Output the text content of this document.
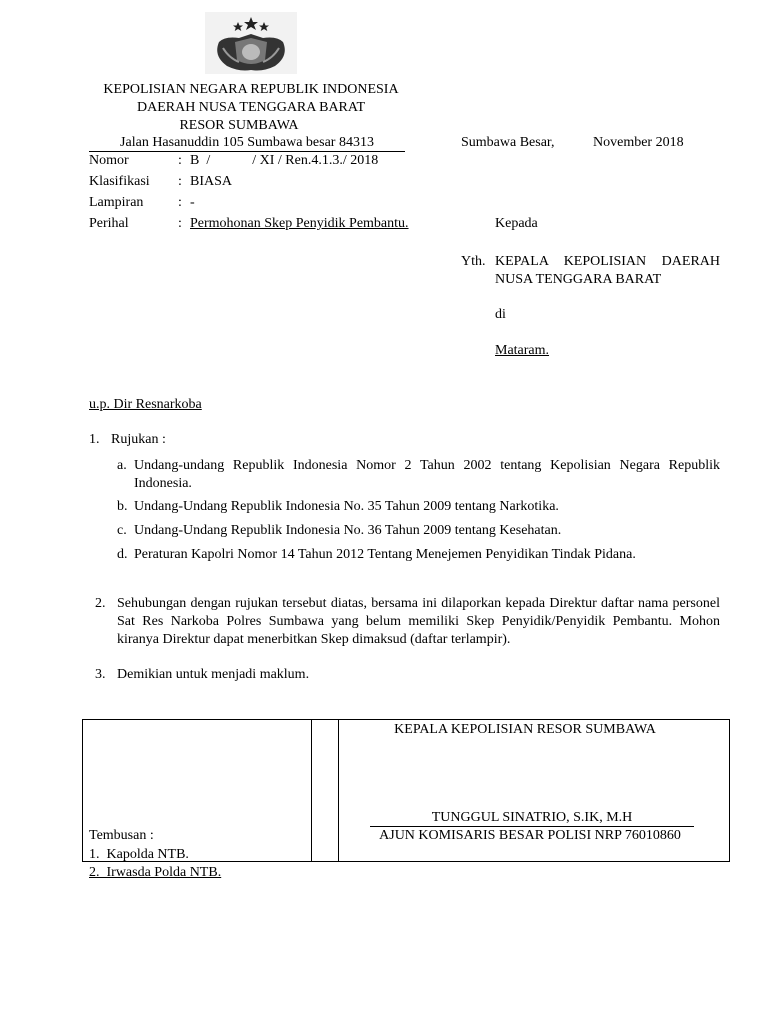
KEPOLISIAN NEGARA REPUBLIK INDONESIA
DAERAH NUSA TENGGARA BARAT
RESOR SUMBAWA
Jalan Hasanuddin 105 Sumbawa besar 84313	Sumbawa Besar,	November 2018
Nomor	: B  /            / XI / Ren.4.1.3./ 2018
Klasifikasi : BIASA
Lampiran : -
Perihal	: Permohonan Skep Penyidik Pembantu.	Kepada
Yth. KEPALA KEPOLISIAN DAERAH
NUSA TENGGARA BARAT
di
Mataram.
u.p. Dir Resnarkoba
1. Rujukan :
a. Undang-undang Republik Indonesia Nomor 2 Tahun 2002 tentang Kepolisian Negara Republik Indonesia.
b. Undang-Undang Republik Indonesia No. 35 Tahun 2009 tentang Narkotika.
c. Undang-Undang Republik Indonesia No. 36 Tahun 2009 tentang Kesehatan.
d. Peraturan Kapolri Nomor 14 Tahun 2012 Tentang Menejemen Penyidikan Tindak Pidana.
2. Sehubungan dengan rujukan tersebut diatas, bersama ini dilaporkan kepada Direktur daftar nama personel Sat Res Narkoba Polres Sumbawa yang belum memiliki Skep Penyidik/Penyidik Pembantu. Mohon kiranya Direktur dapat menerbitkan Skep dimaksud (daftar terlampir).
3. Demikian untuk menjadi maklum.
KEPALA KEPOLISIAN RESOR SUMBAWA
TUNGGUL SINATRIO, S.IK, M.H
AJUN KOMISARIS BESAR POLISI NRP 76010860
Tembusan :
1.  Kapolda NTB.
2.  Irwasda Polda NTB.
